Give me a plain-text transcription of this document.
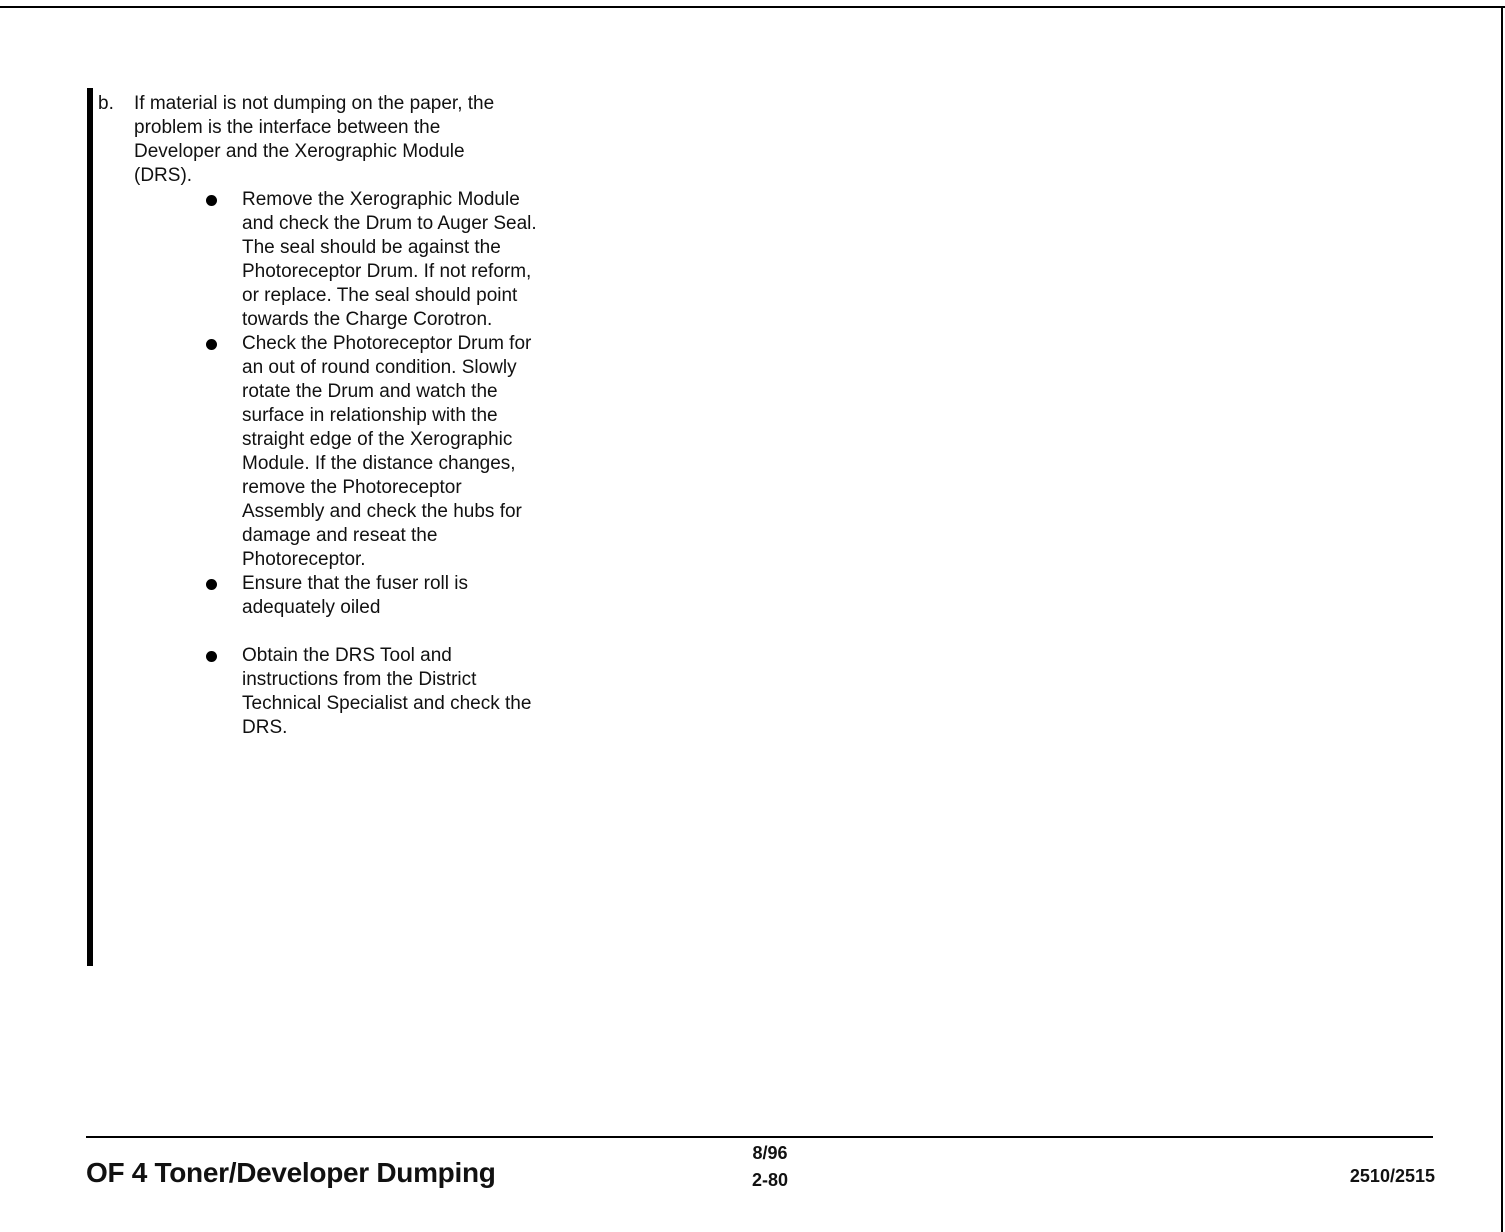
b. If material is not dumping on the paper, the problem is the interface between the Developer and the Xerographic Module (DRS).
Remove the Xerographic Module and check the Drum to Auger Seal. The seal should be against the Photoreceptor Drum. If not reform, or replace. The seal should point towards the Charge Corotron.
Check the Photoreceptor Drum for an out of round condition. Slowly rotate the Drum and watch the surface in relationship with the straight edge of the Xerographic Module. If the distance changes, remove the Photoreceptor Assembly and check the hubs for damage and reseat the Photoreceptor.
Ensure that the fuser roll is adequately oiled
Obtain the DRS Tool and instructions from the District Technical Specialist and check the DRS.
OF 4 Toner/Developer Dumping
8/96
2-80	2510/2515
